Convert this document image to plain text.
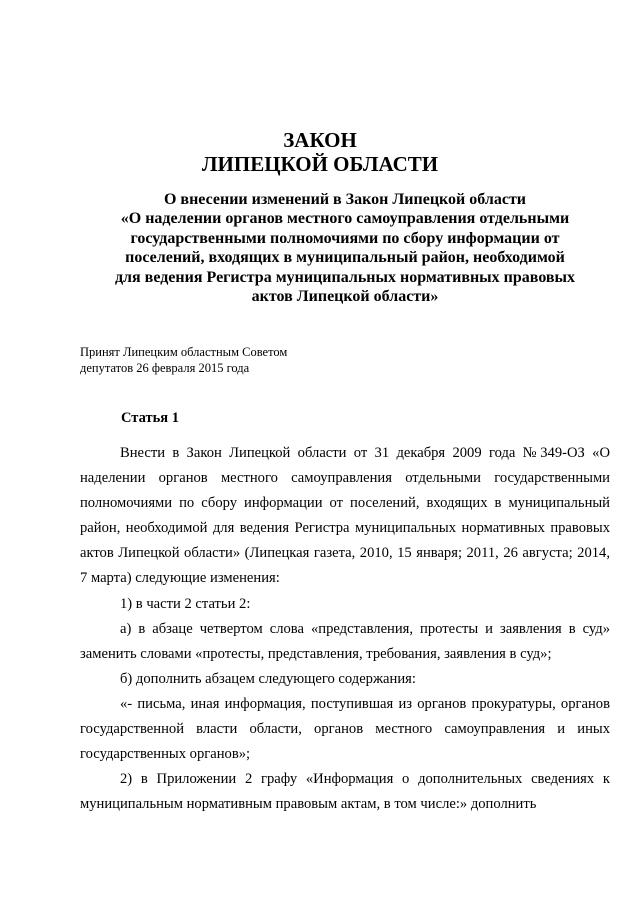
ЗАКОН
ЛИПЕЦКОЙ ОБЛАСТИ
О внесении изменений в Закон Липецкой области
«О наделении органов местного самоуправления отдельными
государственными полномочиями по сбору информации от
поселений, входящих в муниципальный район, необходимой
для ведения Регистра муниципальных нормативных правовых
актов Липецкой области»
Принят Липецким областным Советом
депутатов 26 февраля 2015 года
Статья 1

Внести в Закон Липецкой области от 31 декабря 2009 года №349-ОЗ «О наделении органов местного самоуправления отдельными государственными полномочиями по сбору информации от поселений, входящих в муниципальный район, необходимой для ведения Регистра муниципальных нормативных правовых актов Липецкой области» (Липецкая газета, 2010, 15 января; 2011, 26 августа; 2014, 7 марта) следующие изменения:

1) в части 2 статьи 2:

а) в абзаце четвертом слова «представления, протесты и заявления в суд» заменить словами «протесты, представления, требования, заявления в суд»;

б) дополнить абзацем следующего содержания:

«- письма, иная информация, поступившая из органов прокуратуры, органов государственной власти области, органов местного самоуправления и иных государственных органов»;

2) в Приложении 2 графу «Информация о дополнительных сведениях к муниципальным нормативным правовым актам, в том числе:» дополнить
